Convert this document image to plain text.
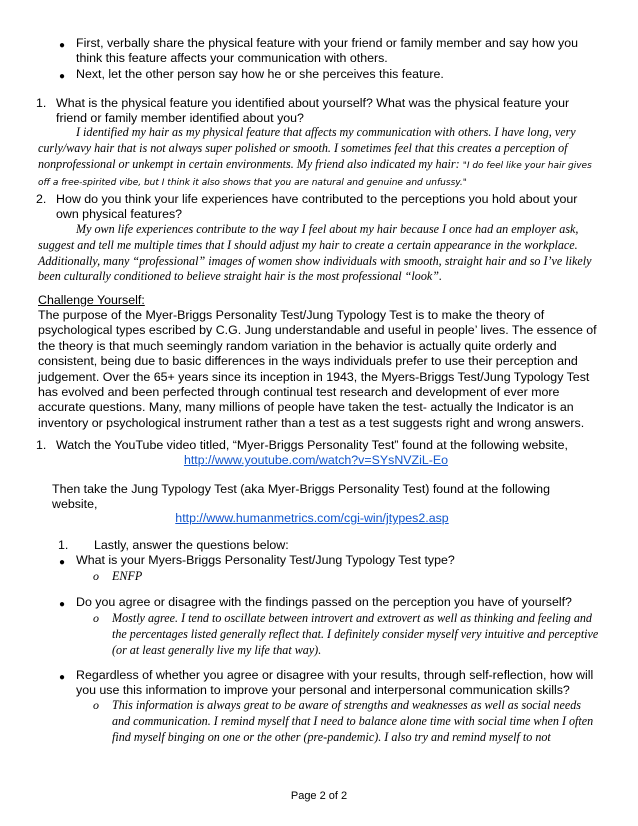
● First, verbally share the physical feature with your friend or family member and say how you think this feature affects your communication with others.
● Next, let the other person say how he or she perceives this feature.
1. What is the physical feature you identified about yourself? What was the physical feature your friend or family member identified about you?
I identified my hair as my physical feature that affects my communication with others. I have long, very curly/wavy hair that is not always super polished or smooth. I sometimes feel that this creates a perception of nonprofessional or unkempt in certain environments. My friend also indicated my hair: "I do feel like your hair gives off a free-spirited vibe, but I think it also shows that you are natural and genuine and unfussy."
2. How do you think your life experiences have contributed to the perceptions you hold about your own physical features?
My own life experiences contribute to the way I feel about my hair because I once had an employer ask, suggest and tell me multiple times that I should adjust my hair to create a certain appearance in the workplace. Additionally, many “professional” images of women show individuals with smooth, straight hair and so I’ve likely been culturally conditioned to believe straight hair is the most professional “look”.
Challenge Yourself:
The purpose of the Myer-Briggs Personality Test/Jung Typology Test is to make the theory of psychological types escribed by C.G. Jung understandable and useful in people’ lives. The essence of the theory is that much seemingly random variation in the behavior is actually quite orderly and consistent, being due to basic differences in the ways individuals prefer to use their perception and judgement. Over the 65+ years since its inception in 1943, the Myers-Briggs Test/Jung Typology Test has evolved and been perfected through continual test research and development of ever more accurate questions. Many, many millions of people have taken the test- actually the Indicator is an inventory or psychological instrument rather than a test as a test suggests right and wrong answers.
1. Watch the YouTube video titled, “Myer-Briggs Personality Test” found at the following website,
http://www.youtube.com/watch?v=SYsNVZiL-Eo
Then take the Jung Typology Test (aka Myer-Briggs Personality Test) found at the following website,
http://www.humanmetrics.com/cgi-win/jtypes2.asp
1. Lastly, answer the questions below:
● What is your Myers-Briggs Personality Test/Jung Typology Test type?
o ENFP
● Do you agree or disagree with the findings passed on the perception you have of yourself?
o Mostly agree. I tend to oscillate between introvert and extrovert as well as thinking and feeling and the percentages listed generally reflect that. I definitely consider myself very intuitive and perceptive (or at least generally live my life that way).
● Regardless of whether you agree or disagree with your results, through self-reflection, how will you use this information to improve your personal and interpersonal communication skills?
o This information is always great to be aware of strengths and weaknesses as well as social needs and communication. I remind myself that I need to balance alone time with social time when I often find myself binging on one or the other (pre-pandemic). I also try and remind myself to not
Page 2 of 2
